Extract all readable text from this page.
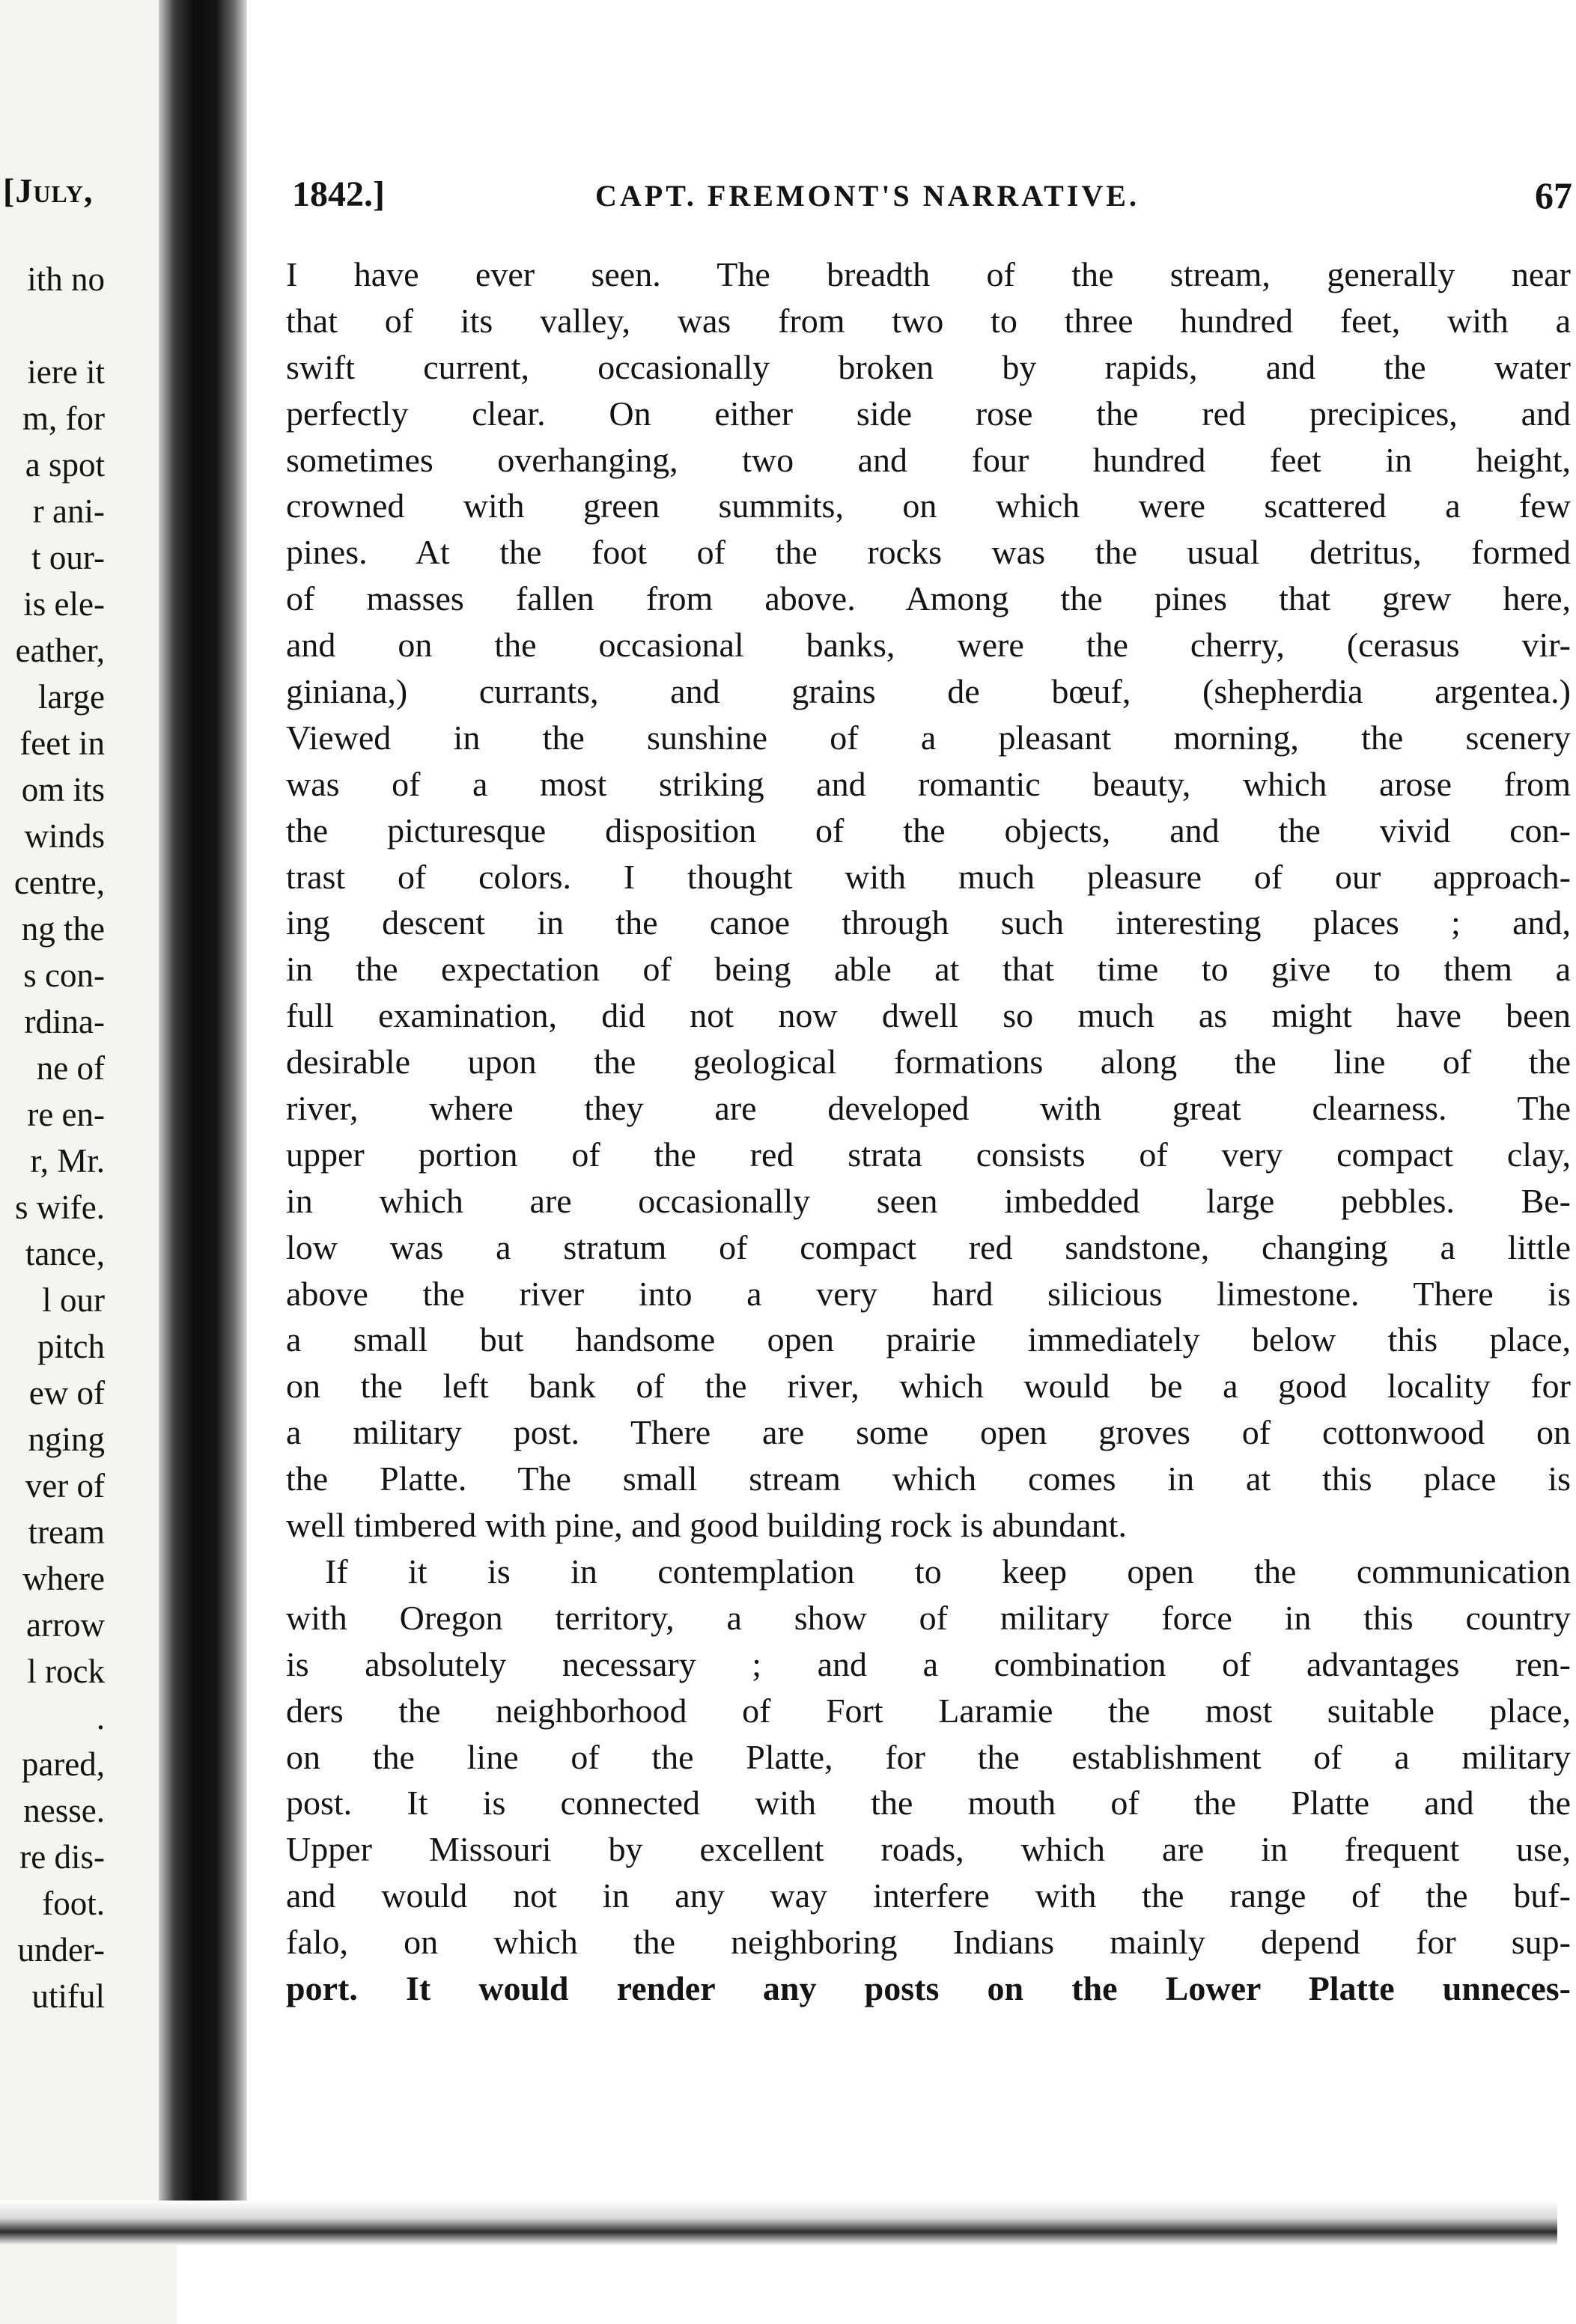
[July,
ith no
iere it
m, for
a spot
r ani-
t our-
is ele-
eather,
large
feet in
om its
winds
centre,
ng the
s con-
rdina-
ne of
re en-
r, Mr.
s wife.
tance,
l our
pitch
ew of
nging
ver of
tream
where
arrow
l rock
.
pared,
nesse.
re dis-
foot.
under-
utiful
1842.]	CAPT. FREMONT'S NARRATIVE.	67
I have ever seen. The breadth of the stream, generally near
that of its valley, was from two to three hundred feet, with a
swift current, occasionally broken by rapids, and the water
perfectly clear. On either side rose the red precipices, and
sometimes overhanging, two and four hundred feet in height,
crowned with green summits, on which were scattered a few
pines. At the foot of the rocks was the usual detritus, formed
of masses fallen from above. Among the pines that grew here,
and on the occasional banks, were the cherry, (cerasus vir-
giniana,) currants, and grains de bœuf, (shepherdia argentea.)
Viewed in the sunshine of a pleasant morning, the scenery
was of a most striking and romantic beauty, which arose from
the picturesque disposition of the objects, and the vivid con-
trast of colors. I thought with much pleasure of our approach-
ing descent in the canoe through such interesting places ; and,
in the expectation of being able at that time to give to them a
full examination, did not now dwell so much as might have been
desirable upon the geological formations along the line of the
river, where they are developed with great clearness. The
upper portion of the red strata consists of very compact clay,
in which are occasionally seen imbedded large pebbles. Be-
low was a stratum of compact red sandstone, changing a little
above the river into a very hard silicious limestone. There is
a small but handsome open prairie immediately below this place,
on the left bank of the river, which would be a good locality for
a military post. There are some open groves of cottonwood on
the Platte. The small stream which comes in at this place is
well timbered with pine, and good building rock is abundant.
If it is in contemplation to keep open the communication
with Oregon territory, a show of military force in this country
is absolutely necessary ; and a combination of advantages ren-
ders the neighborhood of Fort Laramie the most suitable place,
on the line of the Platte, for the establishment of a military
post. It is connected with the mouth of the Platte and the
Upper Missouri by excellent roads, which are in frequent use,
and would not in any way interfere with the range of the buf-
falo, on which the neighboring Indians mainly depend for sup-
port. It would render any posts on the Lower Platte unneces-
